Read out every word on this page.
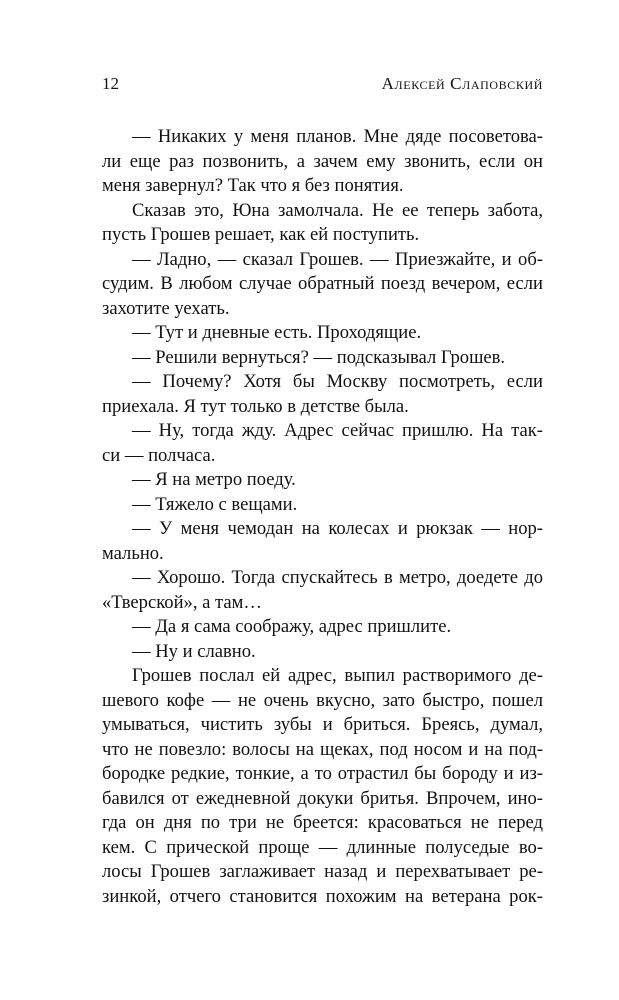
12	Алексей Слаповский
— Никаких у меня планов. Мне дяде посоветова-
ли еще раз позвонить, а зачем ему звонить, если он
меня завернул? Так что я без понятия.
Сказав это, Юна замолчала. Не ее теперь забота,
пусть Грошев решает, как ей поступить.
— Ладно, — сказал Грошев. — Приезжайте, и об-
судим. В любом случае обратный поезд вечером, если
захотите уехать.
— Тут и дневные есть. Проходящие.
— Решили вернуться? — подсказывал Грошев.
— Почему? Хотя бы Москву посмотреть, если
приехала. Я тут только в детстве была.
— Ну, тогда жду. Адрес сейчас пришлю. На так-
си — полчаса.
— Я на метро поеду.
— Тяжело с вещами.
— У меня чемодан на колесах и рюкзак — нор-
мально.
— Хорошо. Тогда спускайтесь в метро, доедете до
«Тверской», а там…
— Да я сама соображу, адрес пришлите.
— Ну и славно.
Грошев послал ей адрес, выпил растворимого де-
шевого кофе — не очень вкусно, зато быстро, пошел
умываться, чистить зубы и бриться. Бреясь, думал,
что не повезло: волосы на щеках, под носом и на под-
бородке редкие, тонкие, а то отрастил бы бороду и из-
бавился от ежедневной докуки бритья. Впрочем, ино-
гда он дня по три не бреется: красоваться не перед
кем. С прической проще — длинные полуседые во-
лосы Грошев заглаживает назад и перехватывает ре-
зинкой, отчего становится похожим на ветерана рок-
